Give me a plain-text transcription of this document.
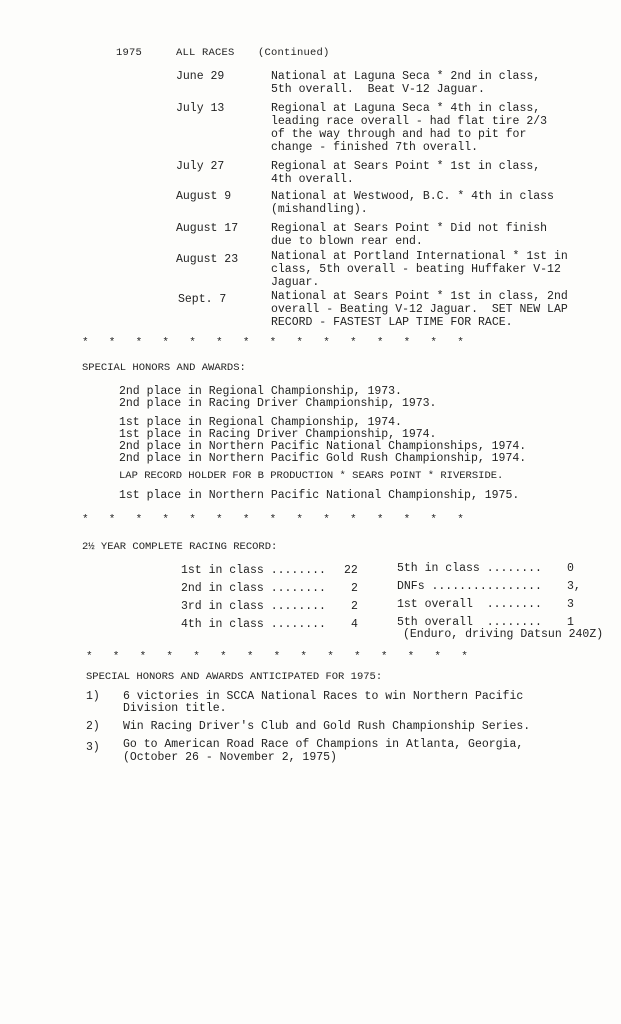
1975	ALL RACES (Continued)
June 29	National at Laguna Seca * 2nd in class,
5th overall.  Beat V-12 Jaguar.
July 13	Regional at Laguna Seca * 4th in class,
leading race overall - had flat tire 2/3
of the way through and had to pit for
change - finished 7th overall.
July 27	Regional at Sears Point * 1st in class,
4th overall.
August 9	National at Westwood, B.C. * 4th in class
(mishandling).
August 17	Regional at Sears Point * Did not finish
due to blown rear end.
August 23	National at Portland International * 1st in
class, 5th overall - beating Huffaker V-12
Jaguar.
Sept. 7	National at Sears Point * 1st in class, 2nd
overall - Beating V-12 Jaguar.  SET NEW LAP
RECORD - FASTEST LAP TIME FOR RACE.
* * * * * * * * * * * * * * *
SPECIAL HONORS AND AWARDS:
2nd place in Regional Championship, 1973.
2nd place in Racing Driver Championship, 1973.
1st place in Regional Championship, 1974.
1st place in Racing Driver Championship, 1974.
2nd place in Northern Pacific National Championships, 1974.
2nd place in Northern Pacific Gold Rush Championship, 1974.
LAP RECORD HOLDER FOR B PRODUCTION * SEARS POINT * RIVERSIDE.
1st place in Northern Pacific National Championship, 1975.
* * * * * * * * * * * * * * *
2½ YEAR COMPLETE RACING RECORD:
1st in class ........ 22
2nd in class ........ 2
3rd in class ........ 2
4th in class ........ 4
5th in class ........ 0
DNFs ................ 3,
1st overall  ........ 3
5th overall  ........ 1
(Enduro, driving Datsun 240Z)
* * * * * * * * * * * * * * *
SPECIAL HONORS AND AWARDS ANTICIPATED FOR 1975:
1) 6 victories in SCCA National Races to win Northern Pacific
Division title.
2) Win Racing Driver's Club and Gold Rush Championship Series.
3) Go to American Road Race of Champions in Atlanta, Georgia,
(October 26 - November 2, 1975)
